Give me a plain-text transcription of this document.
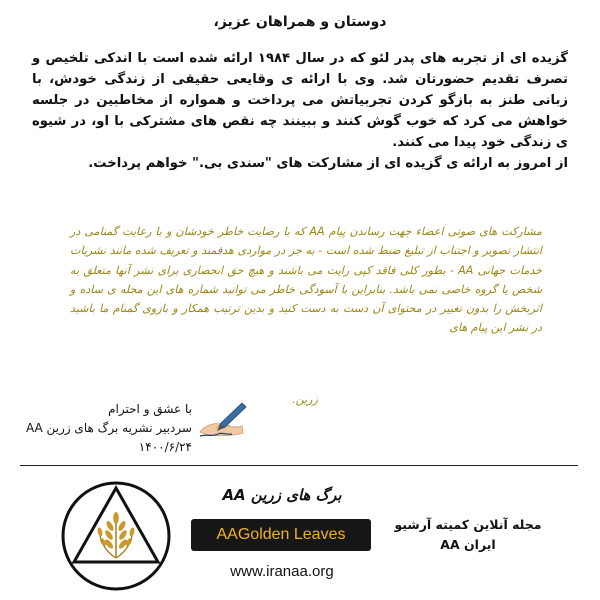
دوستان و همراهان عزیز،

گزیده ای از تجربه های پدر لئو که در سال ۱۹۸۴ ارائه شده است با اندکی تلخیص و تصرف تقدیم حضورتان شد. وی با ارائه ی وقایعی حقیقی از زندگی خودش، با زبانی طنز به بازگو کردن تجربیاتش می پرداخت و همواره از مخاطبین در جلسه خواهش می کرد که خوب گوش کنند و ببینند چه نقص های مشترکی با او، در شیوه ی زندگی خود پیدا می کنند.

از امروز به ارائه ی گزیده ای از مشارکت های "سندی بی." خواهم پرداخت.

مشارکت های صوتی اعضاء جهت رساندن پیام AA که با رضایت خاطر خودشان و با رعایت گمنامی در انتشار تصویر و اجتناب از تبلیغ ضبط شده است - به جز در مواردی هدفمند و تعریف شده مانند نشریات خدمات جهانی AA - بطور کلی فاقد کپی رایت می باشند و هیچ حق انحصاری برای نشر آنها متعلق به شخص یا گروه خاصی نمی باشد. بنابراین با آسودگی خاطر می توانید شماره های این مجله ی ساده و اثربخش را بدون تغییر در محتوای آن دست به دست کنید و بدین ترتیب همکار و بازوی گمنام ما باشید در نشر این پیام های
زرین.
با عشق و احترام
سردبیر نشریه برگ های زرین AA
۱۴۰۰/۶/۲۴
برگ های زرین AA
AAGolden Leaves
www.iranaa.org
مجله آنلاین کمیته آرشیو
ایران AA
